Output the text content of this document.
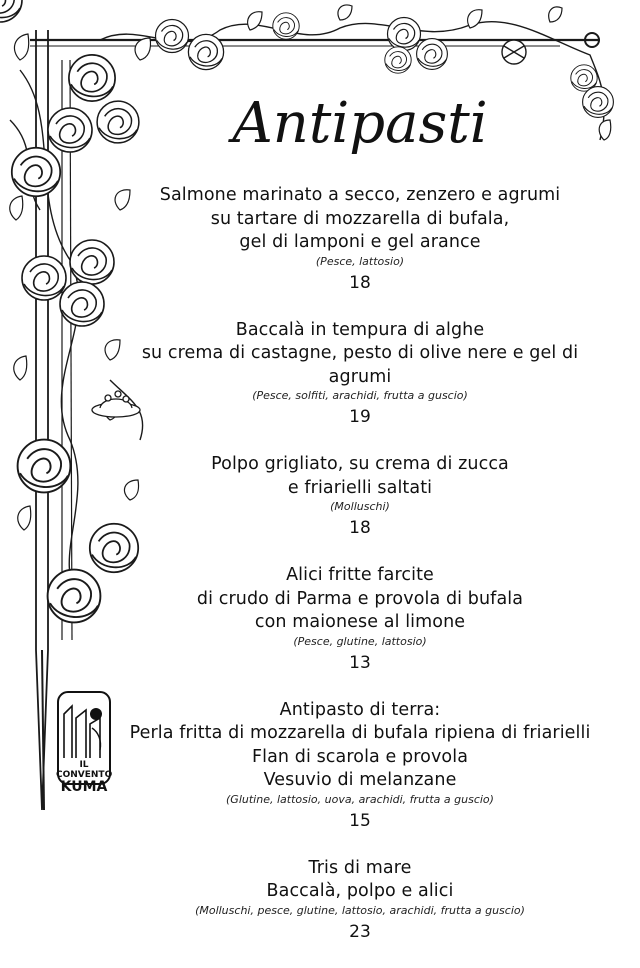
Antipasti
Salmone marinato a secco, zenzero e agrumi
su tartare di mozzarella di bufala,
gel di lamponi e gel arance
(Pesce, lattosio)
18
Baccalà in tempura di alghe
su crema di castagne, pesto di olive nere e gel di agrumi
(Pesce, solfiti, arachidi, frutta a guscio)
19
Polpo grigliato, su crema di zucca
e friarielli saltati
(Molluschi)
18
Alici fritte farcite
di crudo di Parma e provola di bufala
con maionese al limone
(Pesce, glutine, lattosio)
13
Antipasto di terra:
Perla fritta di mozzarella di bufala ripiena di friarielli
Flan di scarola e provola
Vesuvio di melanzane
(Glutine, lattosio, uova, arachidi, frutta a guscio)
15
Tris di mare
Baccalà, polpo e alici
(Molluschi, pesce, glutine, lattosio, arachidi, frutta a guscio)
23
IL CONVENTO
KUMA
